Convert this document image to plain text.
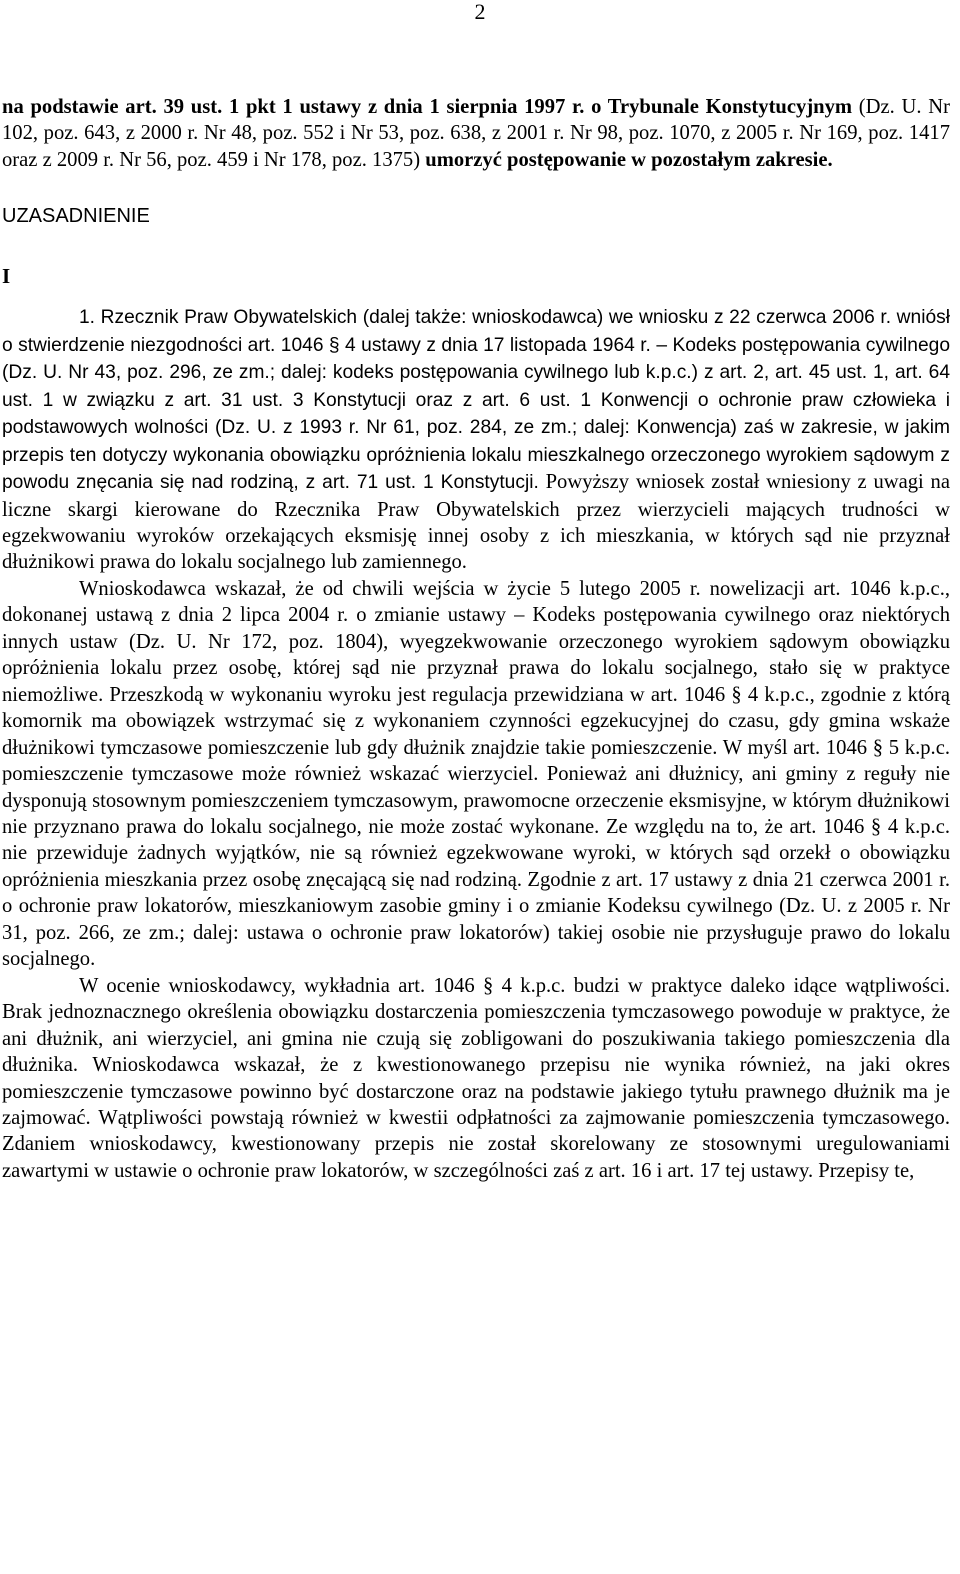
2

na podstawie art. 39 ust. 1 pkt 1 ustawy z dnia 1 sierpnia 1997 r. o Trybunale Konstytucyjnym (Dz. U. Nr 102, poz. 643, z 2000 r. Nr 48, poz. 552 i Nr 53, poz. 638, z 2001 r. Nr 98, poz. 1070, z 2005 r. Nr 169, poz. 1417 oraz z 2009 r. Nr 56, poz. 459 i Nr 178, poz. 1375) umorzyć postępowanie w pozostałym zakresie.

UZASADNIENIE

I

1. Rzecznik Praw Obywatelskich (dalej także: wnioskodawca) we wniosku z 22 czerwca 2006 r. wniósł o stwierdzenie niezgodności art. 1046 § 4 ustawy z dnia 17 listopada 1964 r. – Kodeks postępowania cywilnego (Dz. U. Nr 43, poz. 296, ze zm.; dalej: kodeks postępowania cywilnego lub k.p.c.) z art. 2, art. 45 ust. 1, art. 64 ust. 1 w związku z art. 31 ust. 3 Konstytucji oraz z art. 6 ust. 1 Konwencji o ochronie praw człowieka i podstawowych wolności (Dz. U. z 1993 r. Nr 61, poz. 284, ze zm.; dalej: Konwencja) zaś w zakresie, w jakim przepis ten dotyczy wykonania obowiązku opróżnienia lokalu mieszkalnego orzeczonego wyrokiem sądowym z powodu znęcania się nad rodziną, z art. 71 ust. 1 Konstytucji. Powyższy wniosek został wniesiony z uwagi na liczne skargi kierowane do Rzecznika Praw Obywatelskich przez wierzycieli mających trudności w egzekwowaniu wyroków orzekających eksmisję innej osoby z ich mieszkania, w których sąd nie przyznał dłużnikowi prawa do lokalu socjalnego lub zamiennego.

Wnioskodawca wskazał, że od chwili wejścia w życie 5 lutego 2005 r. nowelizacji art. 1046 k.p.c., dokonanej ustawą z dnia 2 lipca 2004 r. o zmianie ustawy – Kodeks postępowania cywilnego oraz niektórych innych ustaw (Dz. U. Nr 172, poz. 1804), wyegzekwowanie orzeczonego wyrokiem sądowym obowiązku opróżnienia lokalu przez osobę, której sąd nie przyznał prawa do lokalu socjalnego, stało się w praktyce niemożliwe. Przeszkodą w wykonaniu wyroku jest regulacja przewidziana w art. 1046 § 4 k.p.c., zgodnie z którą komornik ma obowiązek wstrzymać się z wykonaniem czynności egzekucyjnej do czasu, gdy gmina wskaże dłużnikowi tymczasowe pomieszczenie lub gdy dłużnik znajdzie takie pomieszczenie. W myśl art. 1046 § 5 k.p.c. pomieszczenie tymczasowe może również wskazać wierzyciel. Ponieważ ani dłużnicy, ani gminy z reguły nie dysponują stosownym pomieszczeniem tymczasowym, prawomocne orzeczenie eksmisyjne, w którym dłużnikowi nie przyznano prawa do lokalu socjalnego, nie może zostać wykonane. Ze względu na to, że art. 1046 § 4 k.p.c. nie przewiduje żadnych wyjątków, nie są również egzekwowane wyroki, w których sąd orzekł o obowiązku opróżnienia mieszkania przez osobę znęcającą się nad rodziną. Zgodnie z art. 17 ustawy z dnia 21 czerwca 2001 r. o ochronie praw lokatorów, mieszkaniowym zasobie gminy i o zmianie Kodeksu cywilnego (Dz. U. z 2005 r. Nr 31, poz. 266, ze zm.; dalej: ustawa o ochronie praw lokatorów) takiej osobie nie przysługuje prawo do lokalu socjalnego.

W ocenie wnioskodawcy, wykładnia art. 1046 § 4 k.p.c. budzi w praktyce daleko idące wątpliwości. Brak jednoznacznego określenia obowiązku dostarczenia pomieszczenia tymczasowego powoduje w praktyce, że ani dłużnik, ani wierzyciel, ani gmina nie czują się zobligowani do poszukiwania takiego pomieszczenia dla dłużnika. Wnioskodawca wskazał, że z kwestionowanego przepisu nie wynika również, na jaki okres pomieszczenie tymczasowe powinno być dostarczone oraz na podstawie jakiego tytułu prawnego dłużnik ma je zajmować. Wątpliwości powstają również w kwestii odpłatności za zajmowanie pomieszczenia tymczasowego. Zdaniem wnioskodawcy, kwestionowany przepis nie został skorelowany ze stosownymi uregulowaniami zawartymi w ustawie o ochronie praw lokatorów, w szczególności zaś z art. 16 i art. 17 tej ustawy. Przepisy te,
